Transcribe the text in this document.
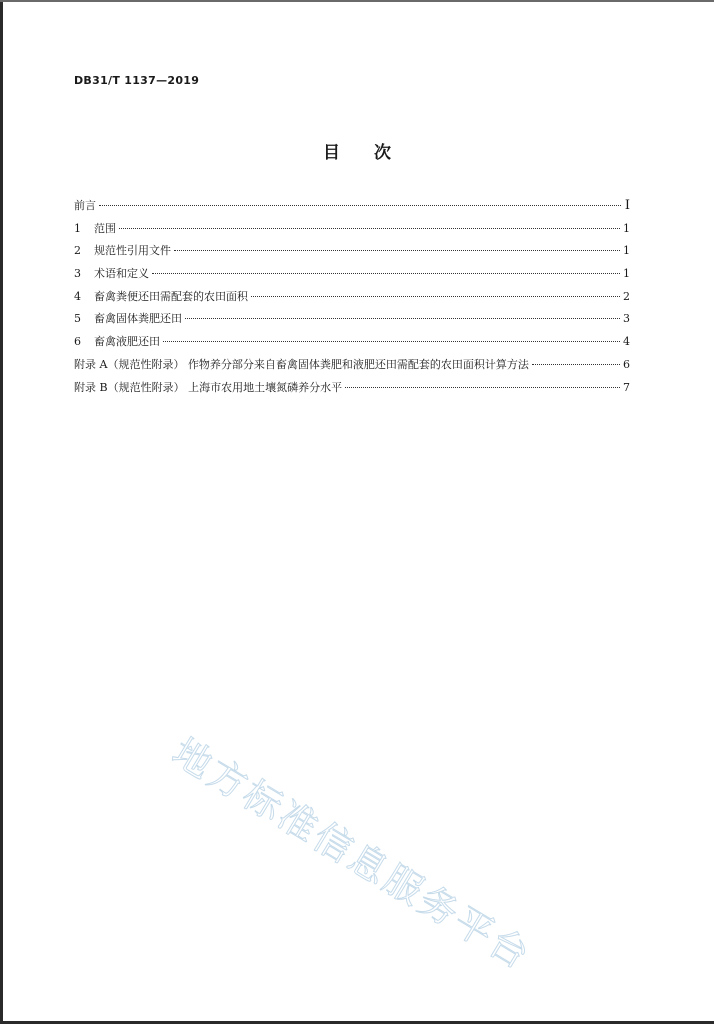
DB31/T 1137—2019
目次
前言	Ⅰ
1	范围	1
2	规范性引用文件	1
3	术语和定义	1
4	畜禽粪便还田需配套的农田面积	2
5	畜禽固体粪肥还田	3
6	畜禽液肥还田	4
附录 A（规范性附录） 作物养分部分来自畜禽固体粪肥和液肥还田需配套的农田面积计算方法	6
附录 B（规范性附录） 上海市农用地土壤氮磷养分水平	7
地方标准信息服务平台
